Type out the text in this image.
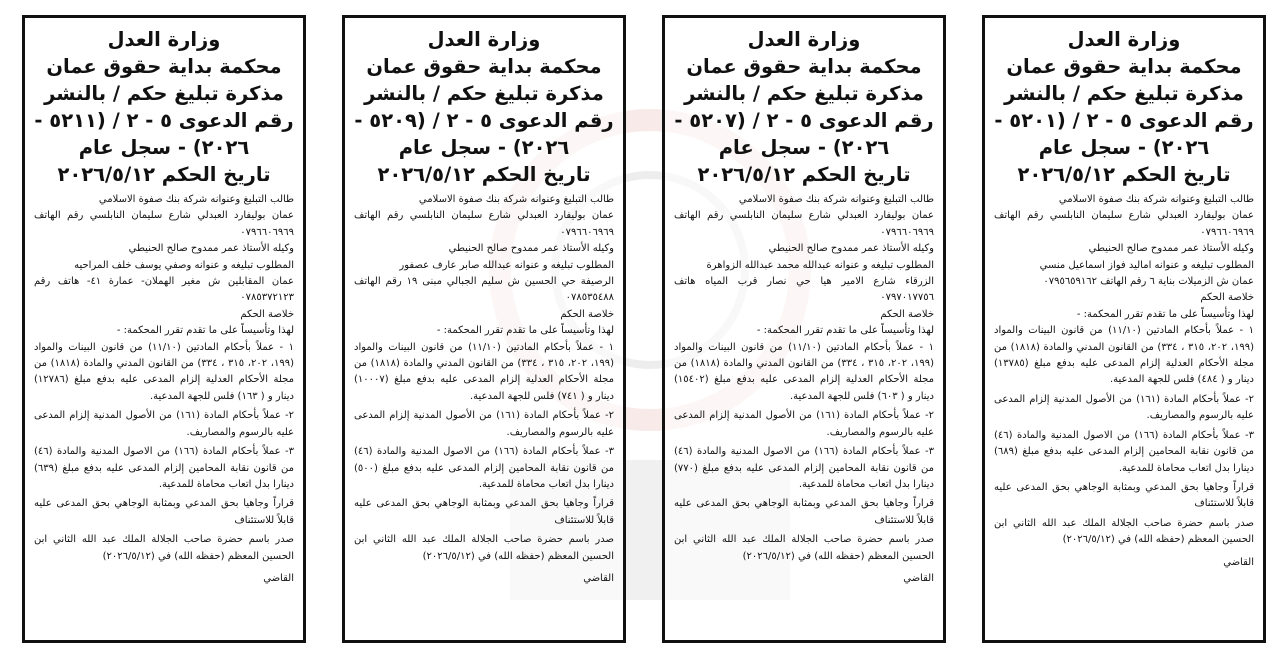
وزارة العدل

محكمة بداية حقوق عمان

مذكرة تبليغ حكم / بالنشر

رقم الدعوى ٥ - ٢ / (٥٢٠١ -

٢٠٢٦) - سجل عام

تاريخ الحكم ٢٠٢٦/٥/١٢

طالب التبليغ وعنوانه شركة بنك صفوة الاسلامي

عمان بوليفارد العبدلي شارع سليمان النابلسي رقم الهاتف ٠٧٩٦٦٠٦٩٦٩

وكيله الأستاذ عمر ممدوح صالح الحنيطي

المطلوب تبليغه و عنوانه اماليد فواز اسماعيل منسي

عمان ش الزميلات بناية ٦ رقم الهاتف ٠٧٩٥٦٥٩١٦٢

خلاصة الحكم

لهذا وتأسيساً على ما تقدم تقرر المحكمة: -

١ - عملاً بأحكام المادتين (١١/١٠) من قانون البينات والمواد (١٩٩، ٢٠٢، ٣١٥ ، ٣٣٤) من القانون المدني والمادة (١٨١٨) من مجلة الأحكام العدلية إلزام المدعى عليه بدفع مبلغ (١٣٧٨٥) دينار و ( ٤٨٤) فلس للجهة المدعية.

٢- عملاً بأحكام المادة (١٦١) من الأصول المدنية إلزام المدعى عليه بالرسوم والمصاريف.

٣- عملاً بأحكام المادة (١٦٦) من الاصول المدنية والمادة (٤٦) من قانون نقابة المحامين إلزام المدعى عليه بدفع مبلغ (٦٨٩) دينارا بدل اتعاب محاماة للمدعية.

قراراً وجاهيا بحق المدعي وبمثابة الوجاهي بحق المدعى عليه قابلاً للاستئناف

صدر باسم حضرة صاحب الجلالة الملك عبد الله الثاني ابن الحسين المعظم (حفظه الله) في (٢٠٢٦/٥/١٢)

القاضي

وزارة العدل

محكمة بداية حقوق عمان

مذكرة تبليغ حكم / بالنشر

رقم الدعوى ٥ - ٢ / (٥٢٠٧ -

٢٠٢٦) - سجل عام

تاريخ الحكم ٢٠٢٦/٥/١٢

طالب التبليغ وعنوانه شركة بنك صفوة الاسلامي

عمان بوليفارد العبدلي شارع سليمان النابلسي رقم الهاتف ٠٧٩٦٦٠٦٩٦٩

وكيله الأستاذ عمر ممدوح صالح الحنيطي

المطلوب تبليغه و عنوانه عبدالله محمد عبدالله الزواهرة

الزرقاء شارع الامير هيا حي نصار قرب المياه هاتف ٠٧٩٧٠١٧٧٥٦

خلاصة الحكم

لهذا وتأسيساً على ما تقدم تقرر المحكمة: -

١ - عملاً بأحكام المادتين (١١/١٠) من قانون البينات والمواد (١٩٩، ٢٠٢، ٣١٥ ، ٣٣٤) من القانون المدني والمادة (١٨١٨) من مجلة الأحكام العدلية إلزام المدعى عليه بدفع مبلغ (١٥٤٠٢) دينار و ( ٦٠٣) فلس للجهة المدعية.

٢- عملاً بأحكام المادة (١٦١) من الأصول المدنية إلزام المدعى عليه بالرسوم والمصاريف.

٣- عملاً بأحكام المادة (١٦٦) من الاصول المدنية والمادة (٤٦) من قانون نقابة المحامين إلزام المدعى عليه بدفع مبلغ (٧٧٠) دينارا بدل اتعاب محاماة للمدعية.

قراراً وجاهيا بحق المدعي وبمثابة الوجاهي بحق المدعى عليه قابلاً للاستئناف

صدر باسم حضرة صاحب الجلالة الملك عبد الله الثاني ابن الحسين المعظم (حفظه الله) في (٢٠٢٦/٥/١٢)

القاضي

وزارة العدل

محكمة بداية حقوق عمان

مذكرة تبليغ حكم / بالنشر

رقم الدعوى ٥ - ٢ / (٥٢٠٩ -

٢٠٢٦) - سجل عام

تاريخ الحكم ٢٠٢٦/٥/١٢

طالب التبليغ وعنوانه شركة بنك صفوة الاسلامي

عمان بوليفارد العبدلي شارع سليمان النابلسي رقم الهاتف ٠٧٩٦٦٠٦٩٦٩

وكيله الأستاذ عمر ممدوح صالح الحنيطي

المطلوب تبليغه و عنوانه عبدالله صابر عارف عصفور

الرصيفة حي الحسين ش سليم الجبالي مبنى ١٩ رقم الهاتف ٠٧٨٥٣٥٤٨٨

خلاصة الحكم

لهذا وتأسيساً على ما تقدم تقرر المحكمة: -

١ - عملاً بأحكام المادتين (١١/١٠) من قانون البينات والمواد (١٩٩، ٢٠٢، ٣١٥ ، ٣٣٤) من القانون المدني والمادة (١٨١٨) من مجلة الأحكام العدلية إلزام المدعى عليه بدفع مبلغ (١٠٠٠٧) دينار و ( ٧٤١) فلس للجهة المدعية.

٢- عملاً بأحكام المادة (١٦١) من الأصول المدنية إلزام المدعى عليه بالرسوم والمصاريف.

٣- عملاً بأحكام المادة (١٦٦) من الاصول المدنية والمادة (٤٦) من قانون نقابة المحامين إلزام المدعى عليه بدفع مبلغ (٥٠٠) دينارا بدل اتعاب محاماة للمدعية.

قراراً وجاهيا بحق المدعي وبمثابة الوجاهي بحق المدعى عليه قابلاً للاستئناف

صدر باسم حضرة صاحب الجلالة الملك عبد الله الثاني ابن الحسين المعظم (حفظه الله) في (٢٠٢٦/٥/١٢)

القاضي

وزارة العدل

محكمة بداية حقوق عمان

مذكرة تبليغ حكم / بالنشر

رقم الدعوى ٥ - ٢ / (٥٢١١ -

٢٠٢٦) - سجل عام

تاريخ الحكم ٢٠٢٦/٥/١٢

طالب التبليغ وعنوانه شركة بنك صفوة الاسلامي

عمان بوليفارد العبدلي شارع سليمان النابلسي رقم الهاتف ٠٧٩٦٦٠٦٩٦٩

وكيله الأستاذ عمر ممدوح صالح الحنيطي

المطلوب تبليغه و عنوانه وصفي يوسف خلف المراحيه

عمان المقابلين ش مغير الهملان- عمارة ٤١- هاتف رقم ٠٧٨٥٣٧٢١٢٣

خلاصة الحكم

لهذا وتأسيساً على ما تقدم تقرر المحكمة: -

١ - عملاً بأحكام المادتين (١١/١٠) من قانون البينات والمواد (١٩٩، ٢٠٢، ٣١٥ ، ٣٣٤) من القانون المدني والمادة (١٨١٨) من مجلة الأحكام العدلية إلزام المدعى عليه بدفع مبلغ (١٢٧٨٦) دينار و ( ١٦٣) فلس للجهة المدعية.

٢- عملاً بأحكام المادة (١٦١) من الأصول المدنية إلزام المدعى عليه بالرسوم والمصاريف.

٣- عملاً بأحكام المادة (١٦٦) من الاصول المدنية والمادة (٤٦) من قانون نقابة المحامين إلزام المدعى عليه بدفع مبلغ (٦٣٩) دينارا بدل اتعاب محاماة للمدعية.

قراراً وجاهيا بحق المدعي وبمثابة الوجاهي بحق المدعى عليه قابلاً للاستئناف

صدر باسم حضرة صاحب الجلالة الملك عبد الله الثاني ابن الحسين المعظم (حفظه الله) في (٢٠٢٦/٥/١٢)

القاضي
